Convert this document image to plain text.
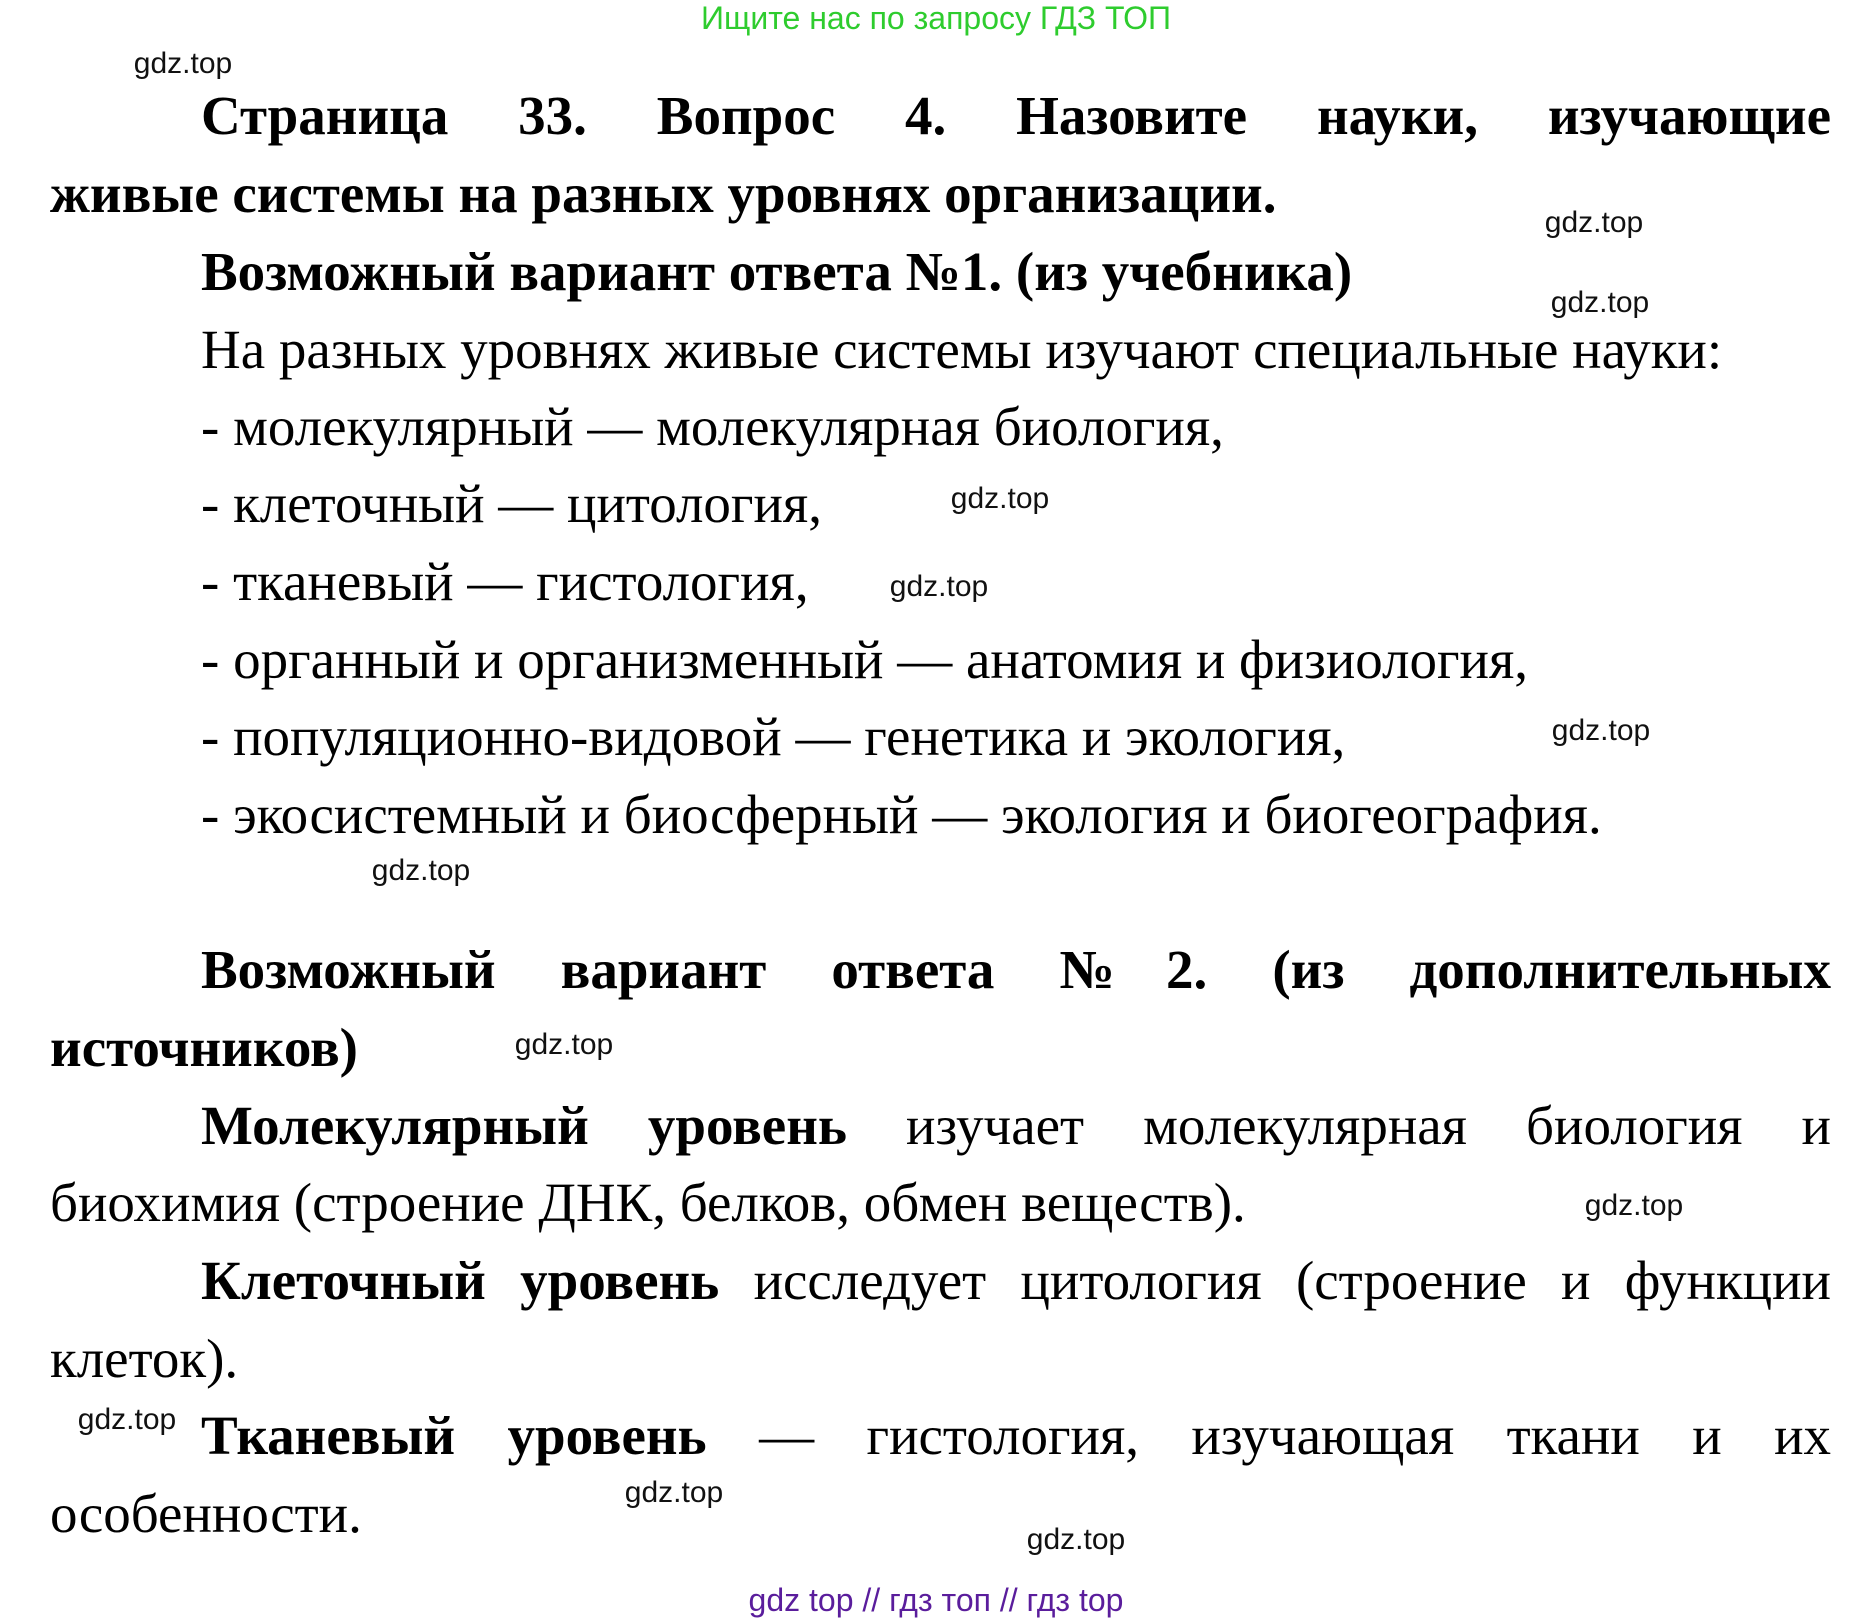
Ищите нас по запросу ГДЗ ТОП
Страница 33. Вопрос 4. Назовите науки, изучающие
живые системы на разных уровнях организации.
Возможный вариант ответа №1. (из учебника)
На разных уровнях живые системы изучают специальные науки:
- молекулярный — молекулярная биология,
- клеточный — цитология,
- тканевый — гистология,
- органный и организменный — анатомия и физиология,
- популяционно-видовой — генетика и экология,
- экосистемный и биосферный — экология и биогеография.
Возможный вариант ответа №2. (из дополнительных
источников)
Молекулярный уровень изучает молекулярная биология и
биохимия (строение ДНК, белков, обмен веществ).
Клеточный уровень исследует цитология (строение и функции
клеток).
Тканевый уровень — гистология, изучающая ткани и их
особенности.
gdz.top
gdz.top
gdz.top
gdz.top
gdz.top
gdz.top
gdz.top
gdz.top
gdz.top
gdz.top
gdz.top
gdz.top
gdz top // гдз топ // гдз top
